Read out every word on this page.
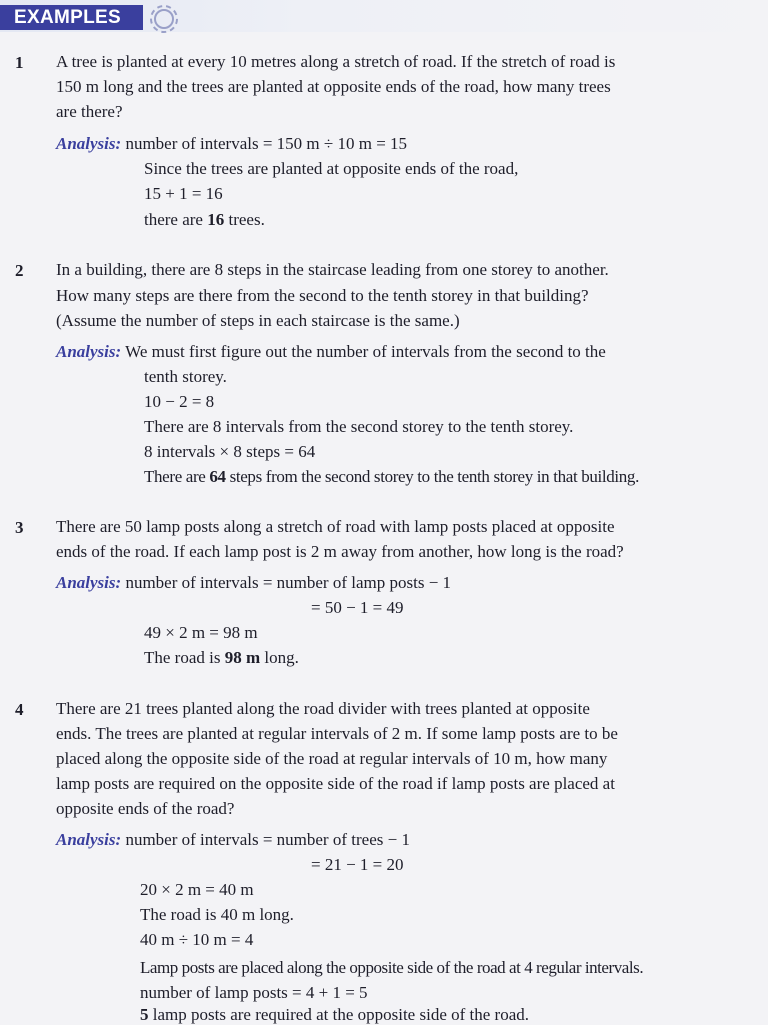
EXAMPLES
1 A tree is planted at every 10 metres along a stretch of road. If the stretch of road is
150 m long and the trees are planted at opposite ends of the road, how many trees
are there?
Analysis: number of intervals = 150 m ÷ 10 m = 15
Since the trees are planted at opposite ends of the road,
15 + 1 = 16
there are 16 trees.
2 In a building, there are 8 steps in the staircase leading from one storey to another.
How many steps are there from the second to the tenth storey in that building?
(Assume the number of steps in each staircase is the same.)
Analysis: We must first figure out the number of intervals from the second to the
tenth storey.
10 − 2 = 8
There are 8 intervals from the second storey to the tenth storey.
8 intervals × 8 steps = 64
There are 64 steps from the second storey to the tenth storey in that building.
3 There are 50 lamp posts along a stretch of road with lamp posts placed at opposite
ends of the road. If each lamp post is 2 m away from another, how long is the road?
Analysis: number of intervals = number of lamp posts − 1
= 50 − 1 = 49
49 × 2 m = 98 m
The road is 98 m long.
4 There are 21 trees planted along the road divider with trees planted at opposite
ends. The trees are planted at regular intervals of 2 m. If some lamp posts are to be
placed along the opposite side of the road at regular intervals of 10 m, how many
lamp posts are required on the opposite side of the road if lamp posts are placed at
opposite ends of the road?
Analysis: number of intervals = number of trees − 1
= 21 − 1 = 20
20 × 2 m = 40 m
The road is 40 m long.
40 m ÷ 10 m = 4
Lamp posts are placed along the opposite side of the road at 4 regular intervals.
number of lamp posts = 4 + 1 = 5
5 lamp posts are required at the opposite side of the road.
